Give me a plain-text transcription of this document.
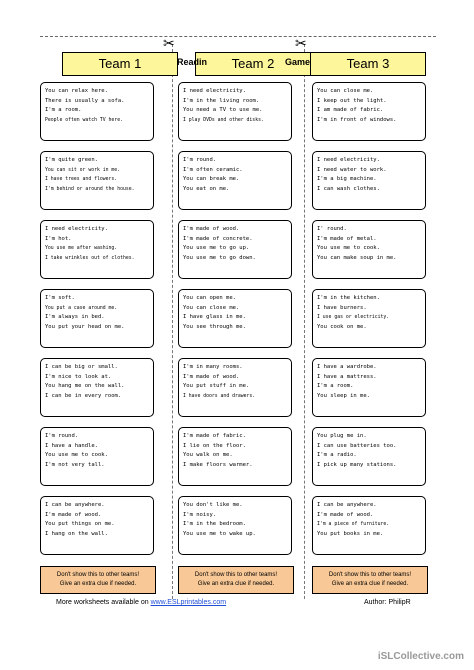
✂	✂
Team 1	Team 2	Team 3
Readin	Game
You can relax here.
There is usually a sofa.
I'm a room.
People often watch TV here.
I'm quite green.
You can sit or work in me.
I have trees and flowers.
I'm behind or around the house.
I need electricity.
I'm hot.
You use me after washing.
I take wrinkles out of clothes.
I'm soft.
You put a case around me.
I'm always in bed.
You put your head on me.
I can be big or small.
I'm nice to look at.
You hang me on the wall.
I can be in every room.
I'm round.
I have a handle.
You use me to cook.
I'm not very tall.
I can be anywhere.
I'm made of wood.
You put things on me.
I hang on the wall.
I need electricity.
I'm in the living room.
You need a TV to use me.
I play DVDs and other disks.
I'm round.
I'm often ceramic.
You can break me.
You eat on me.
I'm made of wood.
I'm made of concrete.
You use me to go up.
You use me to go down.
You can open me.
You can close me.
I have glass in me.
You see through me.
I'm in many rooms.
I'm made of wood.
You put stuff in me.
I have doors and drawers.
I'm made of fabric.
I lie on the floor.
You walk on me.
I make floors warmer.
You don't like me.
I'm noisy.
I'm in the bedroom.
You use me to wake up.
You can close me.
I keep out the light.
I am made of fabric.
I'm in front of windows.
I need electricity.
I need water to work.
I'm a big machine.
I can wash clothes.
I' round.
I'm made of metal.
You use me to cook.
You can make soup in me.
I'm in the kitchen.
I have burners.
I use gas or electricity.
You cook on me.
I have a wardrobe.
I have a mattress.
I'm a room.
You sleep in me.
You plug me in.
I can use batteries too.
I'm a radio.
I pick up many stations.
I can be anywhere.
I'm made of wood.
I'm a piece of furniture.
You put books in me.
Don't show this to other teams!
Give an extra clue if needed.
Don't show this to other teams!
Give an extra clue if needed.
Don't show this to other teams!
Give an extra clue if needed.
More worksheets available on www.ESLprintables.com	Author: PhilipR
iSLCollective.com
